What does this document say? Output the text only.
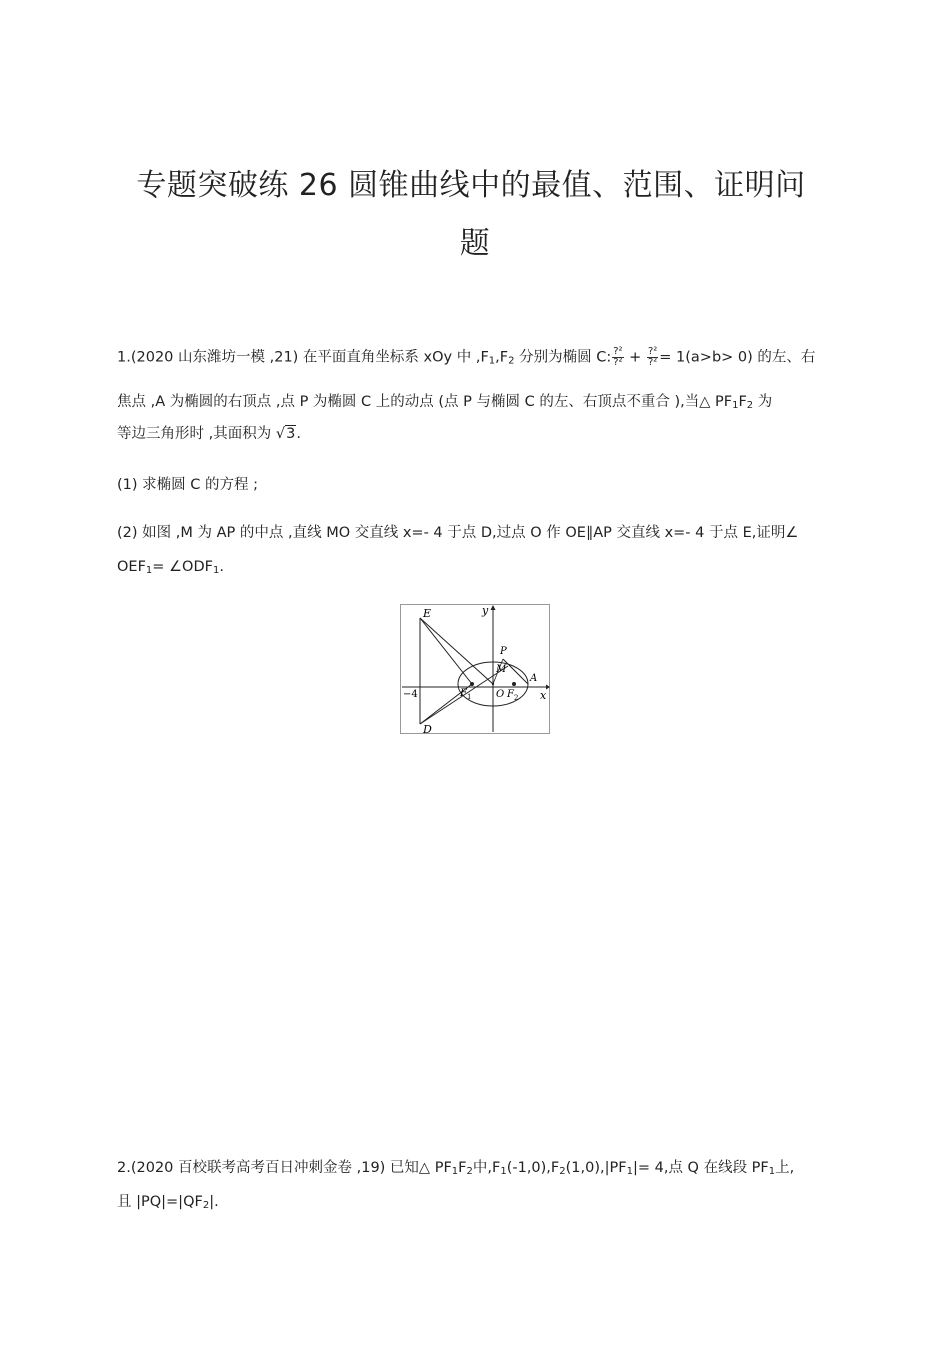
专题突破练 26 圆锥曲线中的最值、范围、证明问
题
1.(2020 山东潍坊一模 ,21) 在平面直角坐标系 xOy 中 $,F_1,F_2$ 分别为椭圆 C: $\frac{\text{?²}}{\text{?²}} + \frac{\text{?²}}{\text{?²}} = 1(a>b> 0)$ 的左、右
焦点 ,A 为椭圆的右顶点 ,点 P 为椭圆 C 上的动点 (点 P 与椭圆 C 的左、右顶点不重合 ),当△ $PF_1F_2$ 为
等边三角形时 ,其面积为 √3.
(1) 求椭圆 C 的方程 ;
(2) 如图 ,M 为 AP 的中点 ,直线 MO 交直线 x=- 4 于点 D,过点 O 作 OE∥AP 交直线 x=- 4 于点 E,证明∠
$OEF_1=$ $\angle ODF_1$.
E
D
y
x
P
M
A
O
F 1	F 2
−4
2.(2020 百校联考高考百日冲刺金卷 ,19) 已知△ $PF_1F_2$中$,F_1(-1,0),F_2(1,0),|PF_1|= 4$,点 Q 在线段 $PF_1$上,
且 $|PQ|=|QF_2|$.
